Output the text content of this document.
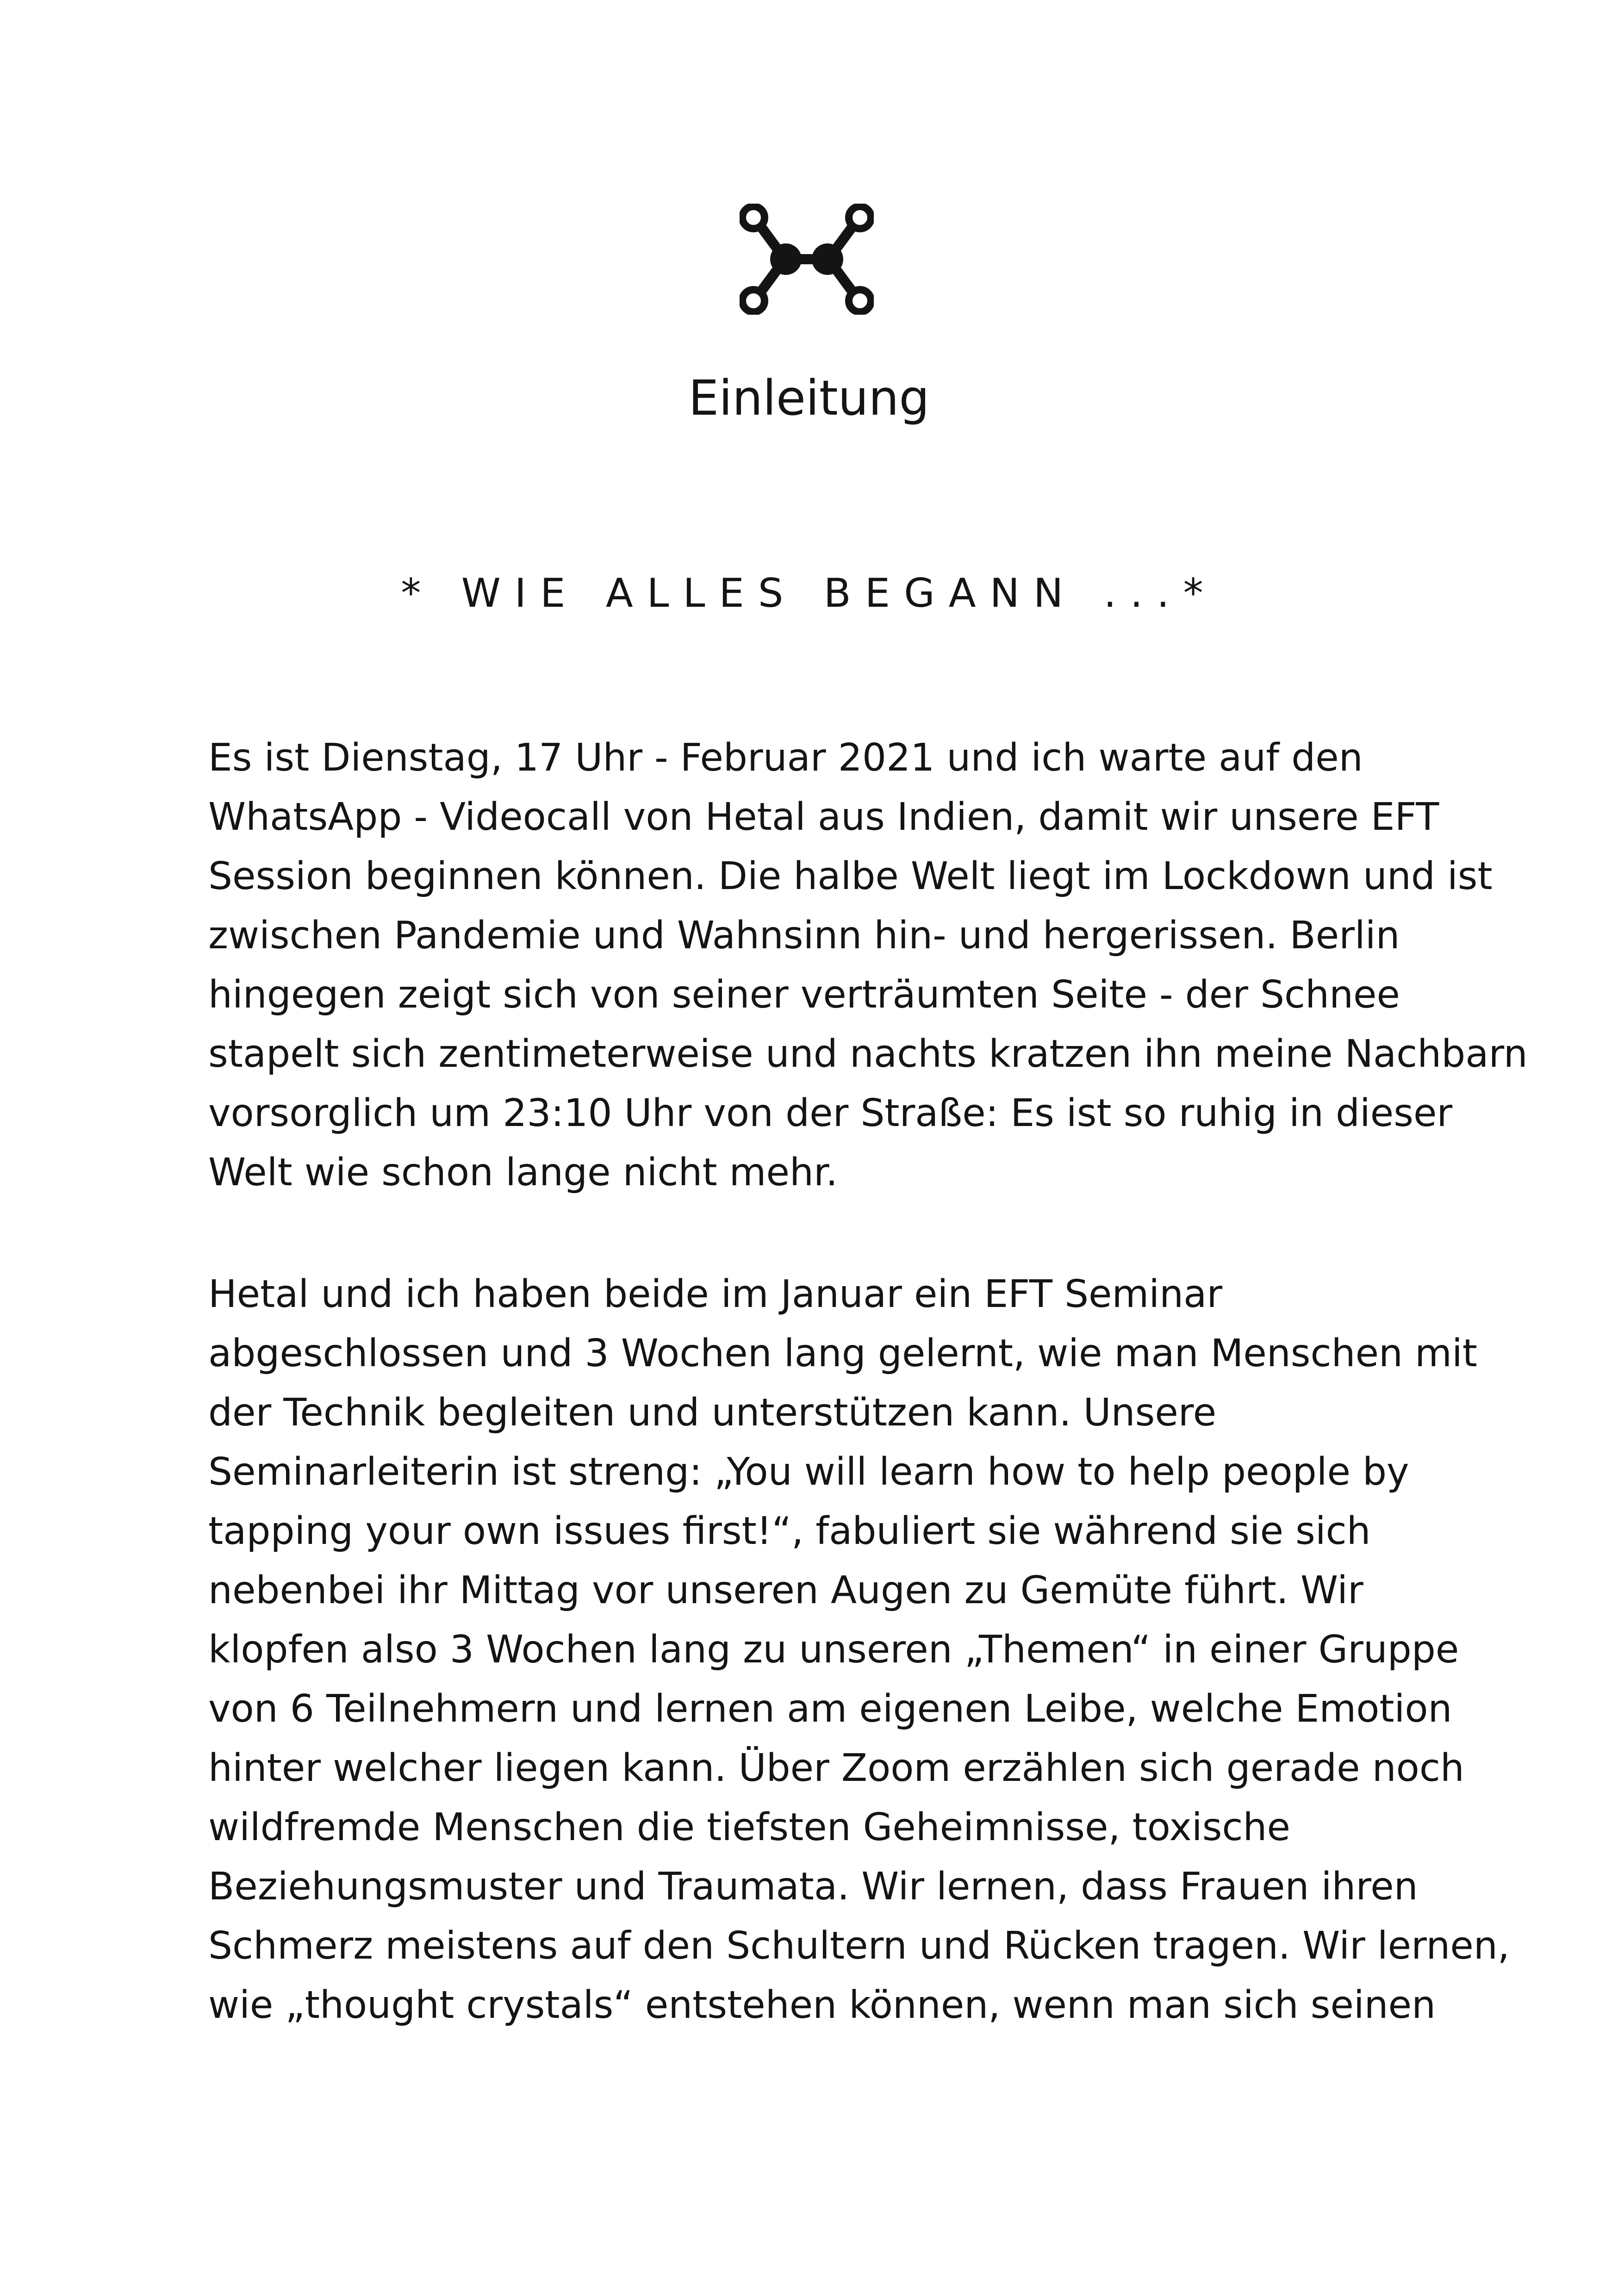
Einleitung
* WIE ALLES BEGANN ...*

Es ist Dienstag, 17 Uhr - Februar 2021 und ich warte auf den
WhatsApp - Videocall von Hetal aus Indien, damit wir unsere EFT
Session beginnen können. Die halbe Welt liegt im Lockdown und ist
zwischen Pandemie und Wahnsinn hin- und hergerissen. Berlin
hingegen zeigt sich von seiner verträumten Seite - der Schnee
stapelt sich zentimeterweise und nachts kratzen ihn meine Nachbarn
vorsorglich um 23:10 Uhr von der Straße: Es ist so ruhig in dieser
Welt wie schon lange nicht mehr.

Hetal und ich haben beide im Januar ein EFT Seminar
abgeschlossen und 3 Wochen lang gelernt, wie man Menschen mit
der Technik begleiten und unterstützen kann. Unsere
Seminarleiterin ist streng: „You will learn how to help people by
tapping your own issues first!“, fabuliert sie während sie sich
nebenbei ihr Mittag vor unseren Augen zu Gemüte führt. Wir
klopfen also 3 Wochen lang zu unseren „Themen“ in einer Gruppe
von 6 Teilnehmern und lernen am eigenen Leibe, welche Emotion
hinter welcher liegen kann. Über Zoom erzählen sich gerade noch
wildfremde Menschen die tiefsten Geheimnisse, toxische
Beziehungsmuster und Traumata. Wir lernen, dass Frauen ihren
Schmerz meistens auf den Schultern und Rücken tragen. Wir lernen,
wie „thought crystals“ entstehen können, wenn man sich seinen
